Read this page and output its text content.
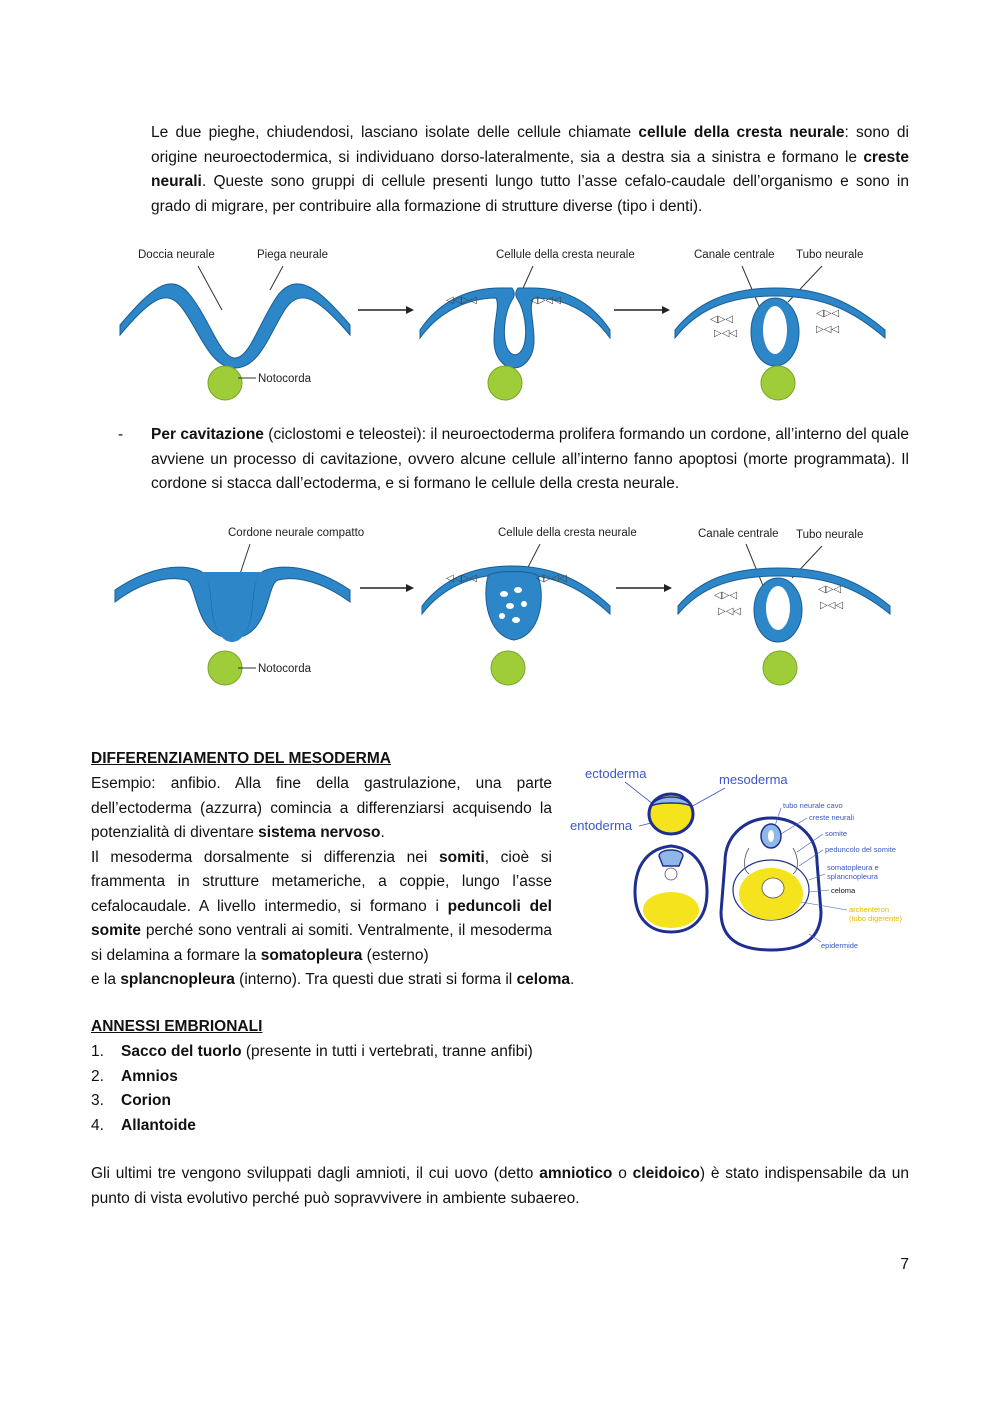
Le due pieghe, chiudendosi, lasciano isolate delle cellule chiamate cellule della cresta neurale: sono di origine neuroectodermica, si individuano dorso-lateralmente, sia a destra sia a sinistra e formano le creste neurali. Queste sono gruppi di cellule presenti lungo tutto l’asse cefalo-caudale dell’organismo e sono in grado di migrare, per contribuire alla formazione di strutture diverse (tipo i denti).
Doccia neurale	Piega neurale	Cellule della cresta neurale	Canale centrale Tubo neurale
◁◁▷◁	◁▷◁◁
◁▷◁
▷◁◁
◁▷◁
▷◁◁
Notocorda
- Per cavitazione (ciclostomi e teleostei): il neuroectoderma prolifera formando un cordone, all’interno del quale avviene un processo di cavitazione, ovvero alcune cellule all’interno fanno apoptosi (morte programmata). Il cordone si stacca dall’ectoderma, e si formano le cellule della cresta neurale.
Cordone neurale compatto	Cellule della cresta neurale	Canale centrale Tubo neurale
◁◁▷◁	◁▷◁◁
◁▷◁
▷◁◁
◁▷◁
▷◁◁
Notocorda
DIFFERENZIAMENTO DEL MESODERMA
Esempio: anfibio. Alla fine della gastrulazione, una parte dell’ectoderma (azzurra) comincia a differenziarsi acquisendo la potenzialità di diventare sistema nervoso.
Il mesoderma dorsalmente si differenzia nei somiti, cioè si frammenta in strutture metameriche, a coppie, lungo l’asse cefalocaudale. A livello intermedio, si formano i peduncoli del somite perché sono ventrali ai somiti. Ventralmente, il mesoderma si delamina a formare la somatopleura (esterno)
e la splancnopleura (interno). Tra questi due strati si forma il celoma.
ectoderma	mesoderma
entoderma
tubo neurale cavo
creste neurali
somite
peduncolo del somite
somatopleura e
splancnopleura
celoma
archenteron
(tubo digerente)
epidermide
ANNESSI EMBRIONALI
1.	Sacco del tuorlo (presente in tutti i vertebrati, tranne anfibi)
2.	Amnios
3.	Corion
4.	Allantoide
Gli ultimi tre vengono sviluppati dagli amnioti, il cui uovo (detto amniotico o cleidoico) è stato indispensabile da un punto di vista evolutivo perché può sopravvivere in ambiente subaereo.
7
